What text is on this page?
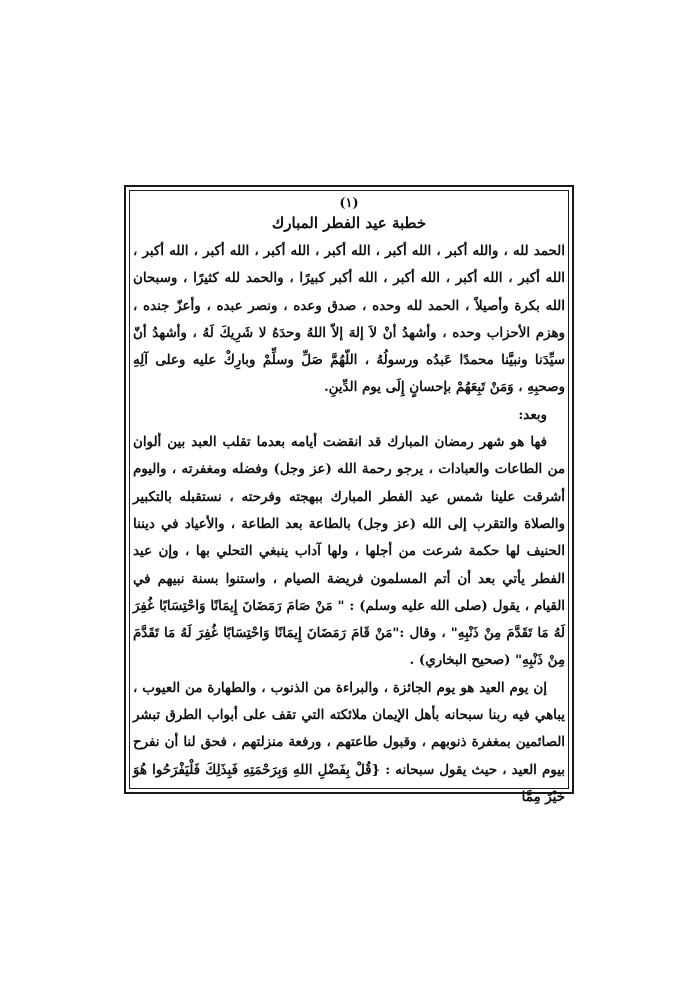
(١)

خطبة عيد الفطر المبارك

الحمد لله ، والله أكبر ، الله أكبر ، الله أكبر ، الله أكبر ، الله أكبر ، الله أكبر ، الله أكبر ، الله أكبر ، الله أكبر ، الله أكبر كبيرًا ، والحمد لله كثيرًا ، وسبحان الله بكرة وأصيلاً ، الحمد لله وحده ، صدق وعده ، ونصر عبده ، وأعزّ جنده ، وهزم الأحزاب وحده ، وأشهدُ أنْ لاَ إلهَ إلاّ اللهُ وحدَهُ لا شَرِيكَ لَهُ ، وأشهدُ أنّ سيِّدَنا ونبيَّنا محمدًا عَبدُه ورسولُهُ ، اللّهُمَّ صَلِّ وسلِّمْ وبارِكْ عليه وعلى آلِهِ وصحبِهِ ، وَمَنْ تَبِعَهُمْ بإحسانٍ إِلَى يوم الدِّينِ.

وبعد:

فها هو شهر رمضان المبارك قد انقضت أيامه بعدما تقلب العبد بين ألوان من الطاعات والعبادات ، يرجو رحمة الله (عز وجل) وفضله ومغفرته ، واليوم أشرقت علينا شمس عيد الفطر المبارك ببهجته وفرحته ، نستقبله بالتكبير والصلاة والتقرب إلى الله (عز وجل) بالطاعة بعد الطاعة ، والأعياد في ديننا الحنيف لها حكمة شرعت من أجلها ، ولها آداب ينبغي التحلي بها ، وإن عيد الفطر يأتي بعد أن أتم المسلمون فريضة الصيام ، واستنوا بسنة نبيهم في القيام ، يقول (صلى الله عليه وسلم) : " مَنْ صَامَ رَمَضَانَ إِيمَانًا وَاحْتِسَابًا غُفِرَ لَهُ مَا تَقَدَّمَ مِنْ ذَنْبِهِ" ، وقال :"مَنْ قَامَ رَمَضَانَ إِيمَانًا وَاحْتِسَابًا غُفِرَ لَهُ مَا تَقَدَّمَ مِنْ ذَنْبِهِ" (صحيح البخاري) .

إن يوم العيد هو يوم الجائزة ، والبراءة من الذنوب ، والطهارة من العيوب ، يباهي فيه ربنا سبحانه بأهل الإيمان ملائكته التي تقف على أبواب الطرق تبشر الصائمين بمغفرة ذنوبهم ، وقبول طاعتهم ، ورفعة منزلتهم ، فحق لنا أن نفرح بيوم العيد ، حيث يقول سبحانه : {قُلْ بِفَضْلِ اللهِ وَبِرَحْمَتِهِ فَبِذَلِكَ فَلْيَفْرَحُوا هُوَ خَيْرٌ مِمَّا
